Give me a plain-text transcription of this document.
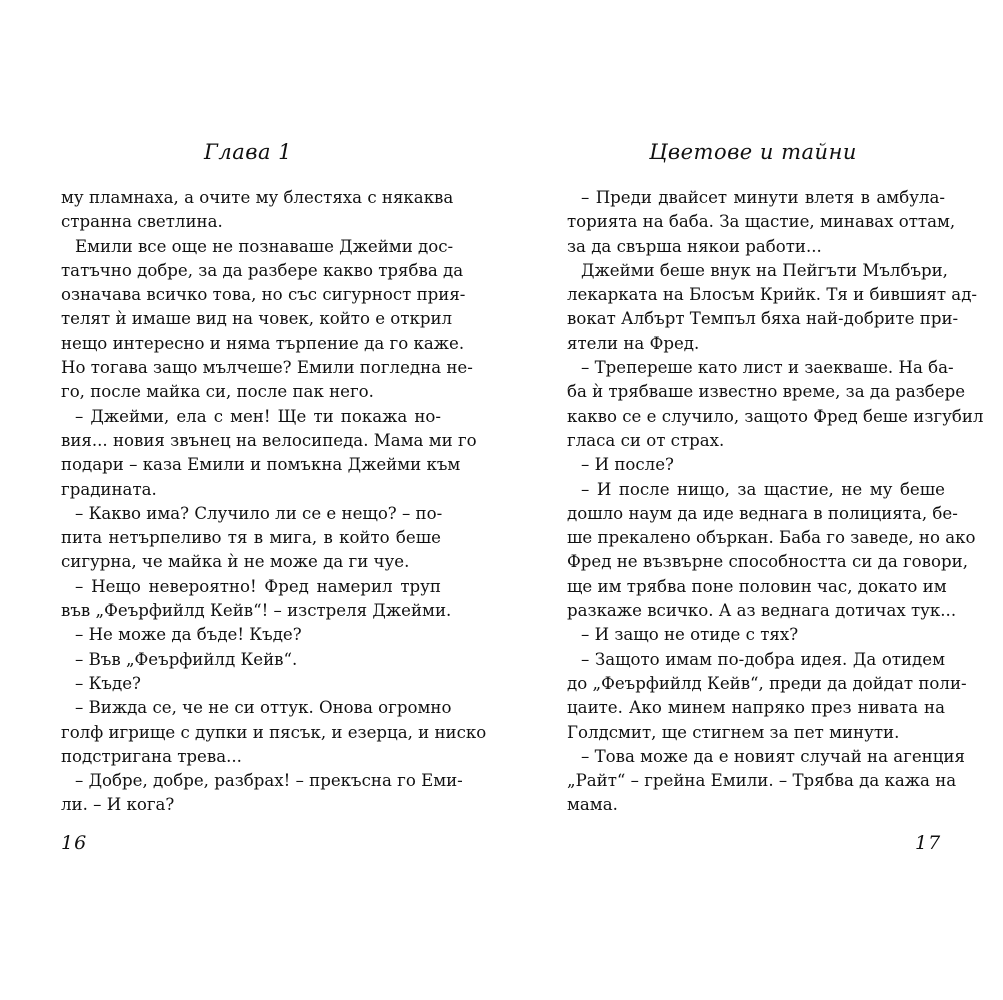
Глава 1
му пламнаха, а очите му блестяха с някаква
странна светлина.
Емили все още не познаваше Джейми дос-
татъчно добре, за да разбере какво трябва да
означава всичко това, но със сигурност прия-
телят ѝ имаше вид на човек, който е открил
нещо интересно и няма търпение да го каже.
Но тогава защо мълчеше? Емили погледна не-
го, после майка си, после пак него.
– Джейми, ела с мен! Ще ти покажа но-
вия... новия звънец на велосипеда. Мама ми го
подари – каза Емили и помъкна Джейми към
градината.
– Какво има? Случило ли се е нещо? – по-
пита нетърпеливо тя в мига, в който беше
сигурна, че майка ѝ не може да ги чуе.
– Нещо невероятно! Фред намерил труп
във „Феърфийлд Кейв“! – изстреля Джейми.
– Не може да бъде! Къде?
– Във „Феърфийлд Кейв“.
– Къде?
– Виждa се, че не си оттук. Онова огромно
голф игрище с дупки и пясък, и езерца, и ниско
подстригана трева...
– Добре, добре, разбрах! – прекъсна го Еми-
ли. – И кога?
16
Цветове и тайни
– Преди двайсет минути влетя в амбула-
торията на баба. За щастие, минавах оттам,
за да свърша някои работи...
Джейми беше внук на Пейгъти Мълбъри,
лекарката на Блосъм Крийк. Тя и бившият ад-
вокат Албърт Темпъл бяха най-добрите при-
ятели на Фред.
– Трепереше като лист и заекваше. На ба-
ба ѝ трябваше известно време, за да разбере
какво се е случило, защото Фред беше изгубил
гласа си от страх.
– И после?
– И после нищо, за щастие, не му беше
дошло наум да иде веднага в полицията, бе-
ше прекалено объркан. Баба го заведе, но ако
Фред не възвърне способността си да говори,
ще им трябва поне половин час, докато им
разкаже всичко. А аз веднага дотичах тук...
– И защо не отиде с тях?
– Защото имам по-добра идея. Да отидем
до „Феърфийлд Кейв“, преди да дойдат поли-
цаите. Ако минем напряко през нивата на
Голдсмит, ще стигнем за пет минути.
– Това може да е новият случай на агенция
„Райт“ – грейна Емили. – Трябва да кажа на
мама.
17
